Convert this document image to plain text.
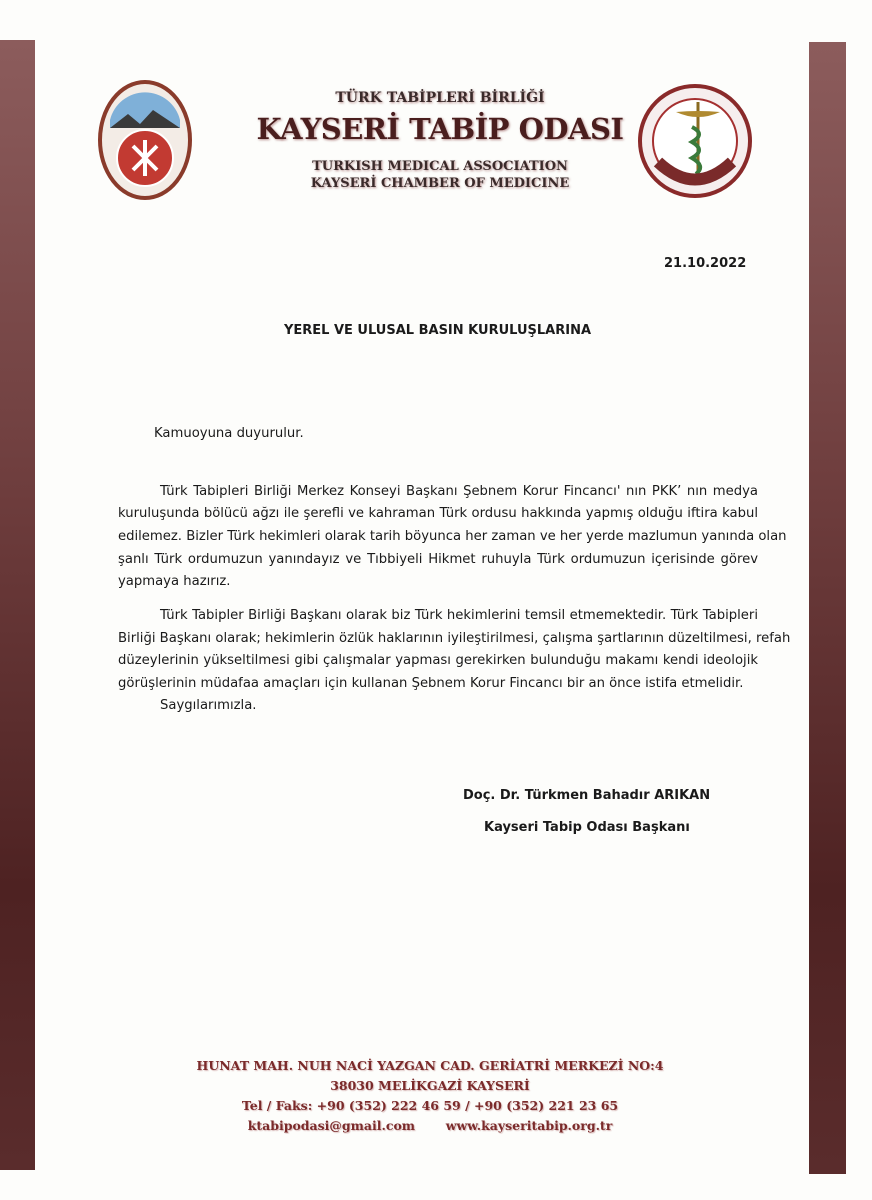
TÜRK TABİPLERİ BİRLİĞİ
KAYSERİ TABİP ODASI
TURKISH MEDICAL ASSOCIATION
KAYSERİ CHAMBER OF MEDICINE
21.10.2022
YEREL VE ULUSAL BASIN KURULUŞLARINA
Kamuoyuna duyurulur.
Türk Tabipleri Birliği Merkez Konseyi Başkanı Şebnem Korur Fincancı' nın PKK’ nın medya
kuruluşunda bölücü ağzı ile şerefli ve kahraman Türk ordusu hakkında yapmış olduğu iftira kabul
edilemez. Bizler Türk hekimleri olarak tarih böyunca her zaman ve her yerde mazlumun yanında olan
şanlı Türk ordumuzun yanındayız ve Tıbbiyeli Hikmet ruhuyla Türk ordumuzun içerisinde görev
yapmaya hazırız.
Türk Tabipler Birliği Başkanı olarak biz Türk hekimlerini temsil etmemektedir. Türk Tabipleri
Birliği Başkanı olarak; hekimlerin özlük haklarının iyileştirilmesi, çalışma şartlarının düzeltilmesi, refah
düzeylerinin yükseltilmesi gibi çalışmalar yapması gerekirken bulunduğu makamı kendi ideolojik
görüşlerinin müdafaa amaçları için kullanan Şebnem Korur Fincancı bir an önce istifa etmelidir.
Saygılarımızla.
Doç. Dr. Türkmen Bahadır ARIKAN
Kayseri Tabip Odası Başkanı
HUNAT MAH. NUH NACİ YAZGAN CAD. GERİATRİ MERKEZİ NO:4
38030 MELİKGAZİ KAYSERİ
Tel / Faks: +90 (352) 222 46 59 / +90 (352) 221 23 65
ktabipodasi@gmail.com www.kayseritabip.org.tr
